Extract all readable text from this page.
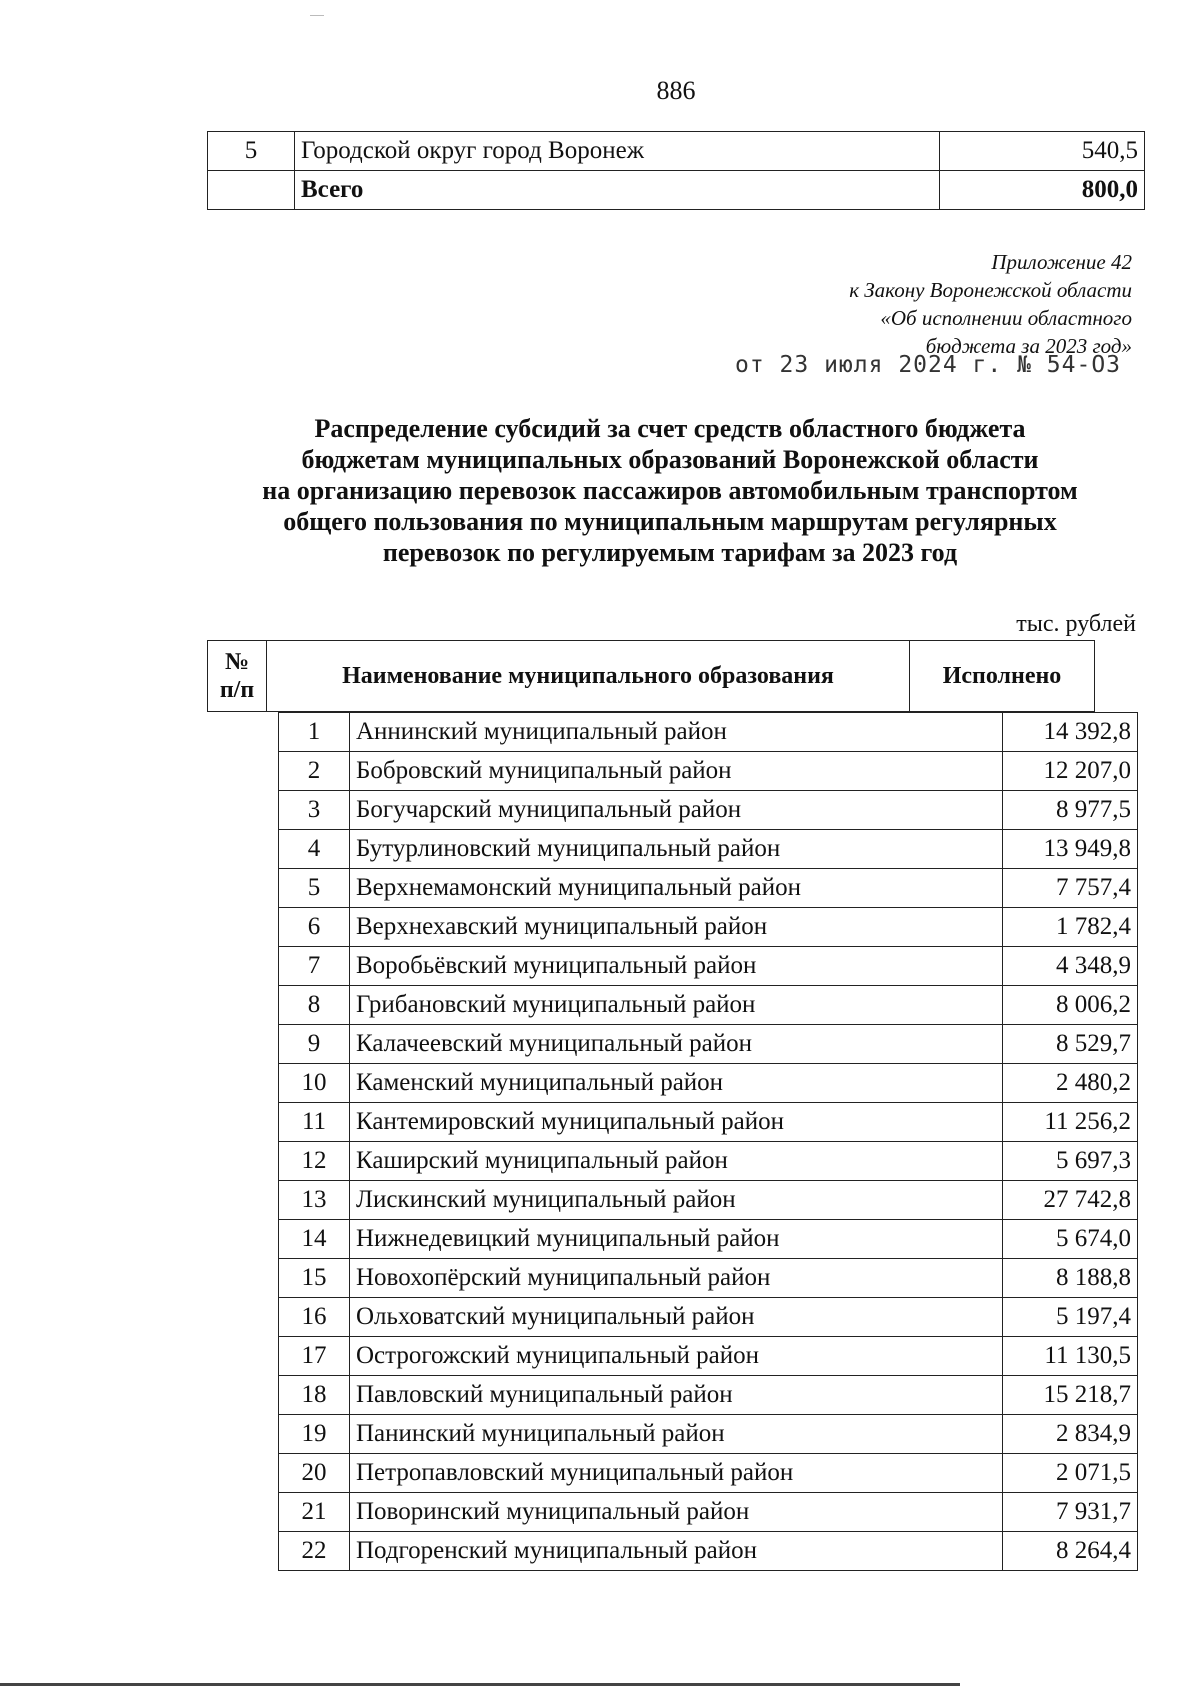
886
5	Городской округ город Воронеж	540,5
	Всего	800,0
Приложение 42
к Закону Воронежской области
«Об исполнении областного
бюджета за 2023 год»
от 23 июля 2024 г. № 54-ОЗ
Распределение субсидий за счет средств областного бюджета
бюджетам муниципальных образований Воронежской области
на организацию перевозок пассажиров автомобильным транспортом
общего пользования по муниципальным маршрутам регулярных
перевозок по регулируемым тарифам за 2023 год
тыс. рублей
№
п/п
	Наименование муниципального образования	Исполнено
1	Аннинский муниципальный район	14 392,8
2	Бобровский муниципальный район	12 207,0
3	Богучарский муниципальный район	8 977,5
4	Бутурлиновский муниципальный район	13 949,8
5	Верхнемамонский муниципальный район	7 757,4
6	Верхнехавский муниципальный район	1 782,4
7	Воробьёвский муниципальный район	4 348,9
8	Грибановский муниципальный район	8 006,2
9	Калачеевский муниципальный район	8 529,7
10	Каменский муниципальный район	2 480,2
11	Кантемировский муниципальный район	11 256,2
12	Каширский муниципальный район	5 697,3
13	Лискинский муниципальный район	27 742,8
14	Нижнедевицкий муниципальный район	5 674,0
15	Новохопёрский муниципальный район	8 188,8
16	Ольховатский муниципальный район	5 197,4
17	Острогожский муниципальный район	11 130,5
18	Павловский муниципальный район	15 218,7
19	Панинский муниципальный район	2 834,9
20	Петропавловский муниципальный район	2 071,5
21	Поворинский муниципальный район	7 931,7
22	Подгоренский муниципальный район	8 264,4
